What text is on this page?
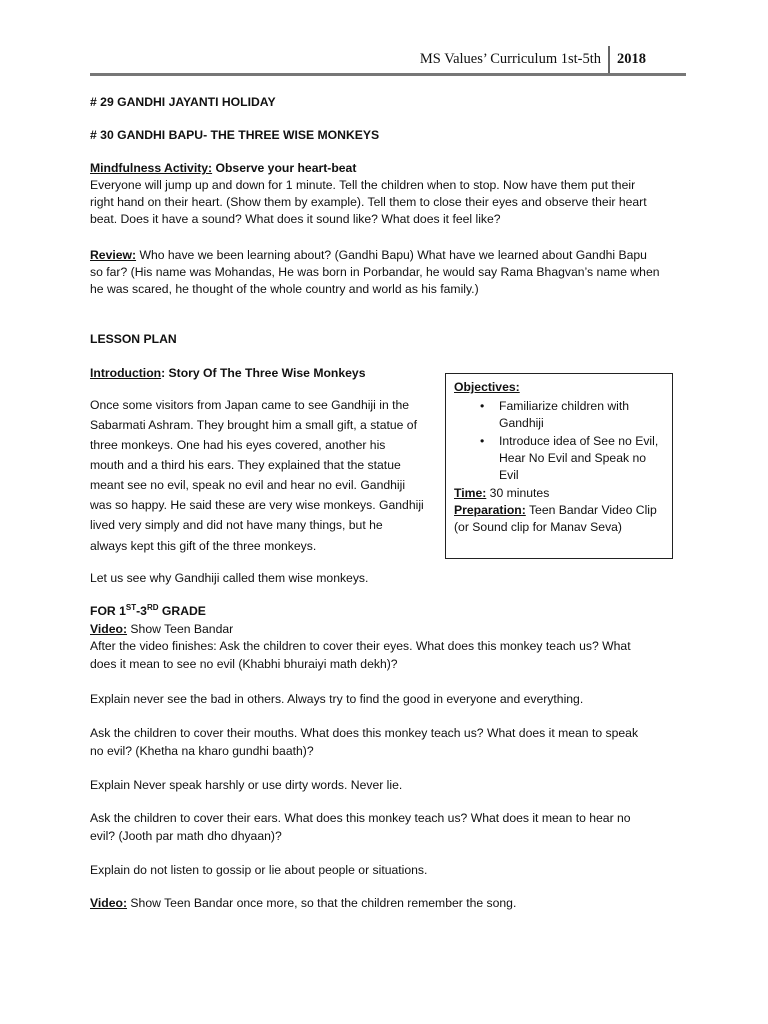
MS Values’ Curriculum 1st-5th 2018
# 29 GANDHI JAYANTI HOLIDAY
# 30 GANDHI BAPU- THE THREE WISE MONKEYS
Mindfulness Activity: Observe your heart-beat
Everyone will jump up and down for 1 minute. Tell the children when to stop. Now have them put their
right hand on their heart. (Show them by example). Tell them to close their eyes and observe their heart
beat. Does it have a sound? What does it sound like? What does it feel like?
Review: Who have we been learning about? (Gandhi Bapu) What have we learned about Gandhi Bapu
so far? (His name was Mohandas, He was born in Porbandar, he would say Rama Bhagvan’s name when
he was scared, he thought of the whole country and world as his family.)
LESSON PLAN
Introduction: Story Of The Three Wise Monkeys
Once some visitors from Japan came to see Gandhiji in the
Sabarmati Ashram. They brought him a small gift, a statue of
three monkeys. One had his eyes covered, another his
mouth and a third his ears. They explained that the statue
meant see no evil, speak no evil and hear no evil. Gandhiji
was so happy. He said these are very wise monkeys. Gandhiji
lived very simply and did not have many things, but he
always kept this gift of the three monkeys.
Let us see why Gandhiji called them wise monkeys.
Objectives:
• Familiarize children with
Gandhiji
• Introduce idea of See no Evil,
Hear No Evil and Speak no
Evil
Time: 30 minutes
Preparation: Teen Bandar Video Clip
(or Sound clip for Manav Seva)
FOR 1ST-3RD GRADE
Video: Show Teen Bandar
After the video finishes: Ask the children to cover their eyes. What does this monkey teach us? What
does it mean to see no evil (Khabhi bhuraiyi math dekh)?
Explain never see the bad in others. Always try to find the good in everyone and everything.
Ask the children to cover their mouths. What does this monkey teach us? What does it mean to speak
no evil? (Khetha na kharo gundhi baath)?
Explain Never speak harshly or use dirty words. Never lie.
Ask the children to cover their ears. What does this monkey teach us? What does it mean to hear no
evil? (Jooth par math dho dhyaan)?
Explain do not listen to gossip or lie about people or situations.
Video: Show Teen Bandar once more, so that the children remember the song.
